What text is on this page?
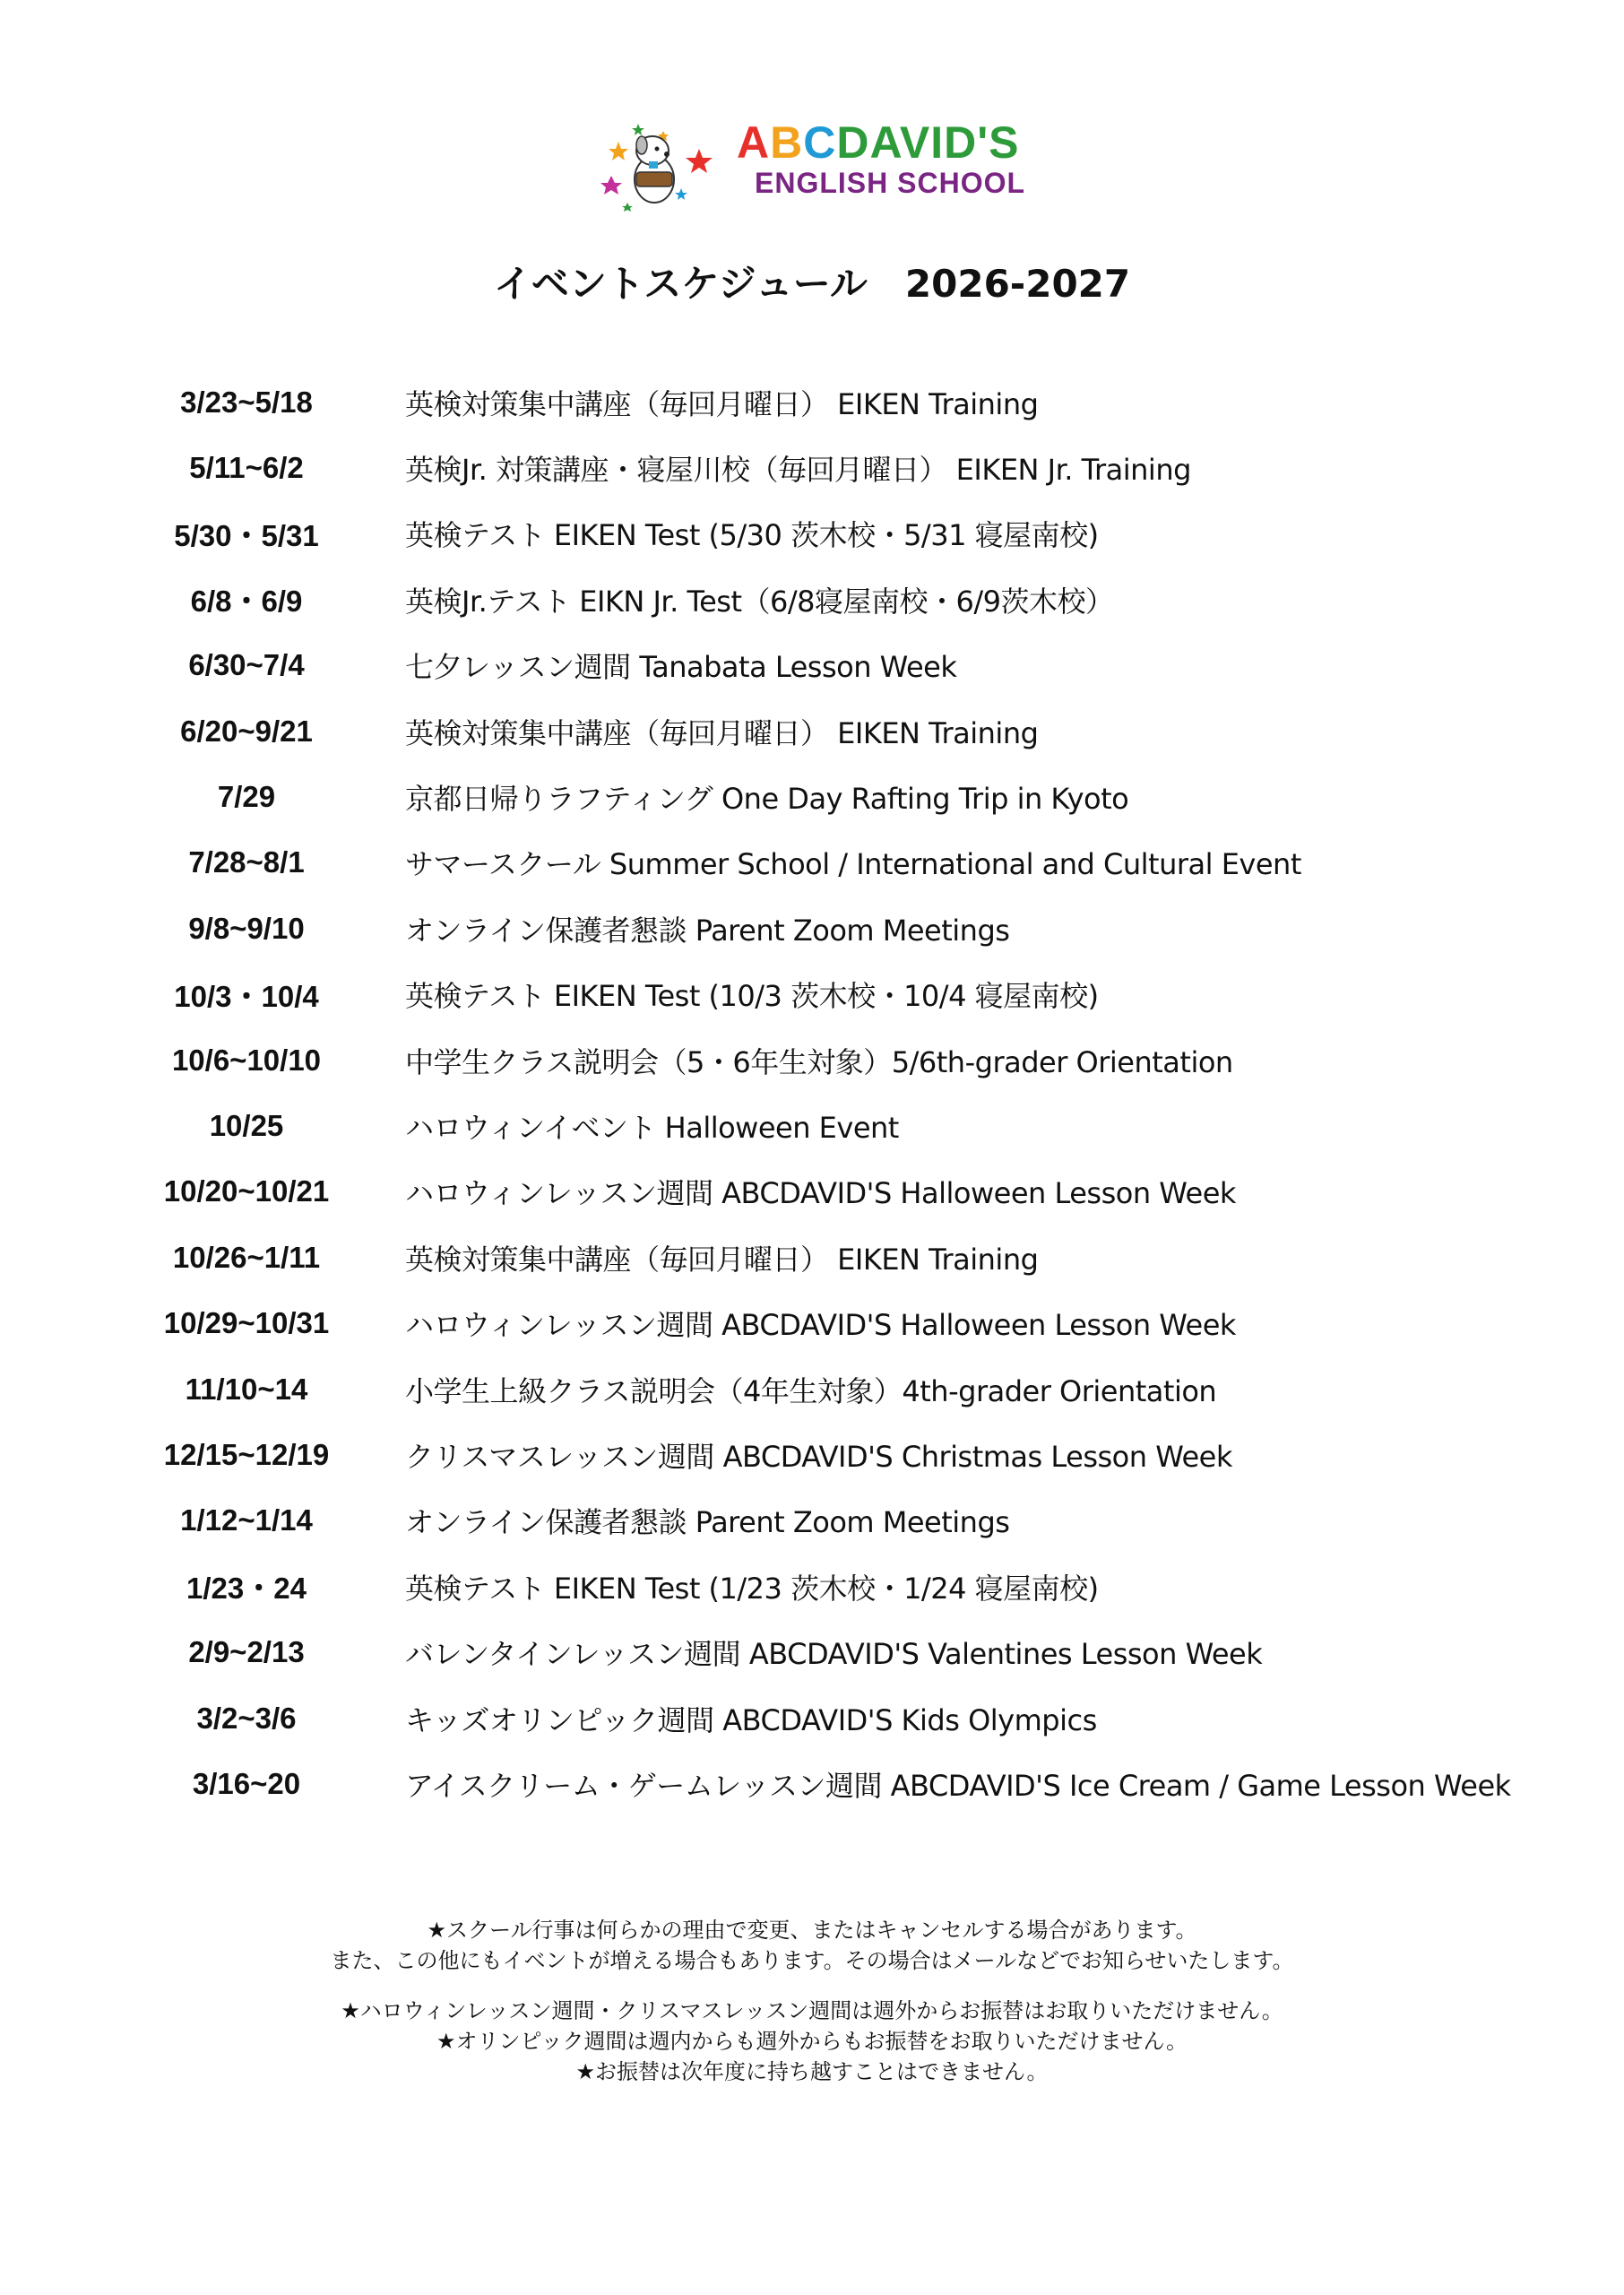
ABCDAVID'S
ENGLISH SCHOOL
イベントスケジュール　2026-2027
3/23~5/18	英検対策集中講座（毎回月曜日） EIKEN Training
5/11~6/2	英検Jr. 対策講座・寝屋川校（毎回月曜日） EIKEN Jr. Training
5/30・5/31	英検テスト EIKEN Test (5/30 茨木校・5/31 寝屋南校)
6/8・6/9	英検Jr.テスト EIKN Jr. Test（6/8寝屋南校・6/9茨木校）
6/30~7/4	七夕レッスン週間 Tanabata Lesson Week
6/20~9/21	英検対策集中講座（毎回月曜日） EIKEN Training
7/29	京都日帰りラフティング One Day Rafting Trip in Kyoto
7/28~8/1	サマースクール Summer School / International and Cultural Event
9/8~9/10	オンライン保護者懇談 Parent Zoom Meetings
10/3・10/4	英検テスト EIKEN Test (10/3 茨木校・10/4 寝屋南校)
10/6~10/10	中学生クラス説明会（5・6年生対象）5/6th-grader Orientation
10/25	ハロウィンイベント Halloween Event
10/20~10/21	ハロウィンレッスン週間 ABCDAVID'S Halloween Lesson Week
10/26~1/11	英検対策集中講座（毎回月曜日） EIKEN Training
10/29~10/31	ハロウィンレッスン週間 ABCDAVID'S Halloween Lesson Week
11/10~14	小学生上級クラス説明会（4年生対象）4th-grader Orientation
12/15~12/19	クリスマスレッスン週間 ABCDAVID'S Christmas Lesson Week
1/12~1/14	オンライン保護者懇談 Parent Zoom Meetings
1/23・24	英検テスト EIKEN Test (1/23 茨木校・1/24 寝屋南校)
2/9~2/13	バレンタインレッスン週間 ABCDAVID'S Valentines Lesson Week
3/2~3/6	キッズオリンピック週間 ABCDAVID'S Kids Olympics
3/16~20	アイスクリーム・ゲームレッスン週間 ABCDAVID'S Ice Cream / Game Lesson Week
★スクール行事は何らかの理由で変更、またはキャンセルする場合があります。
また、この他にもイベントが増える場合もあります。その場合はメールなどでお知らせいたします。
★ハロウィンレッスン週間・クリスマスレッスン週間は週外からお振替はお取りいただけません。
★オリンピック週間は週内からも週外からもお振替をお取りいただけません。
★お振替は次年度に持ち越すことはできません。
